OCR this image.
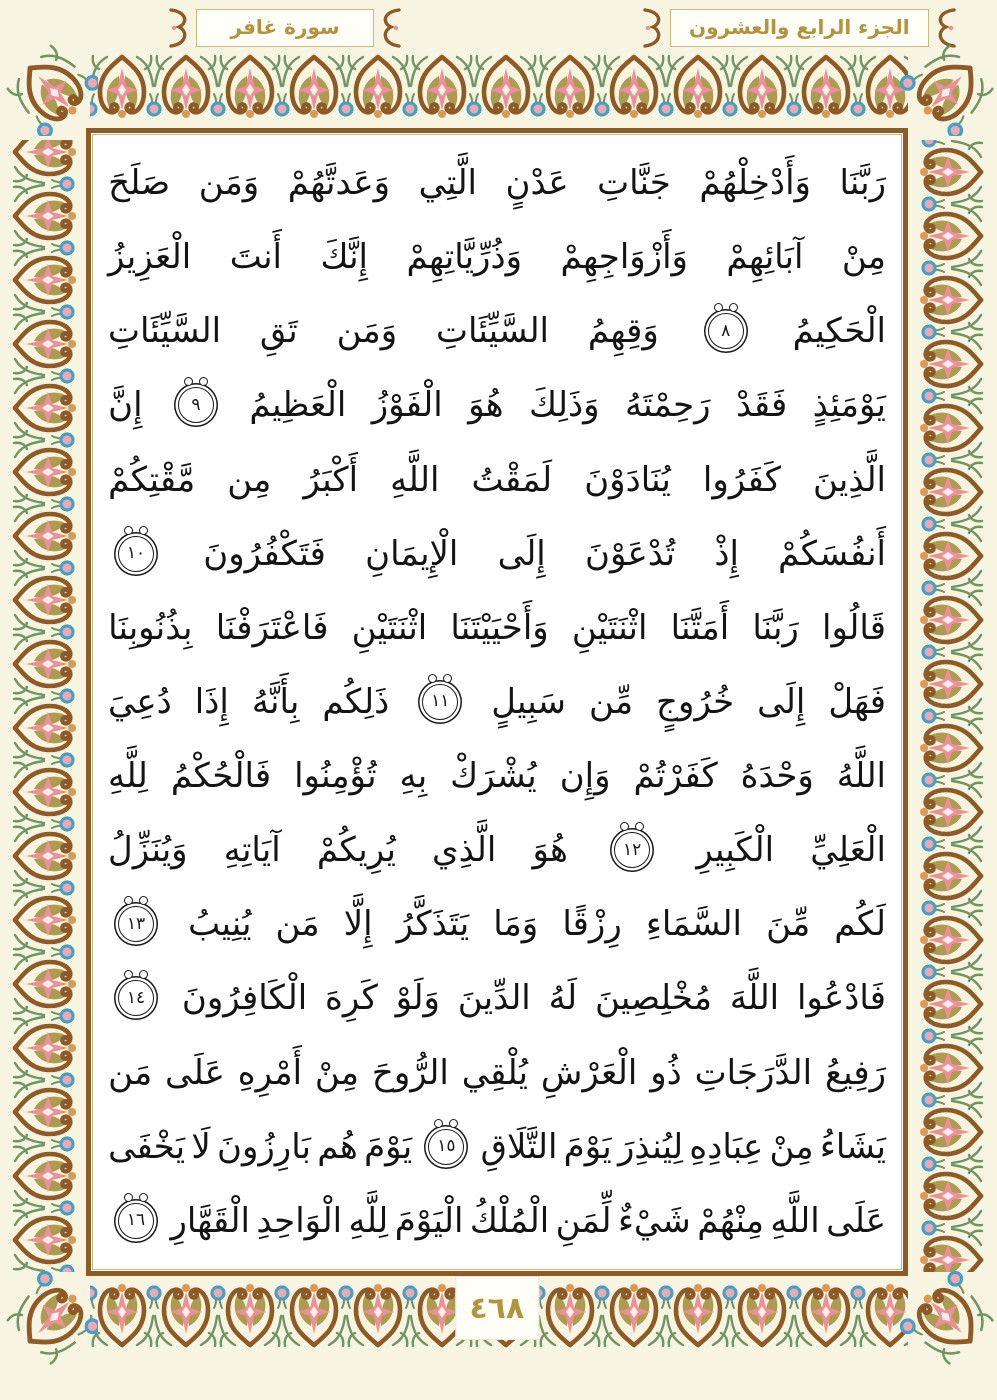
سورة غافر	الجزء الرابع والعشرون
رَبَّنَا
وَأَدْخِلْهُمْ
جَنَّاتِ
عَدْنٍ
الَّتِي
وَعَدتَّهُمْ
وَمَن
صَلَحَ
مِنْ
آبَائِهِمْ
وَأَزْوَاجِهِمْ
وَذُرِّيَّاتِهِمْ
إِنَّكَ
أَنتَ
الْعَزِيزُ
الْحَكِيمُ
٨
وَقِهِمُ
السَّيِّئَاتِ
وَمَن
تَقِ
السَّيِّئَاتِ
يَوْمَئِذٍ
فَقَدْ
رَحِمْتَهُ
وَذَلِكَ
هُوَ
الْفَوْزُ
الْعَظِيمُ
٩
إِنَّ
الَّذِينَ
كَفَرُوا
يُنَادَوْنَ
لَمَقْتُ
اللَّهِ
أَكْبَرُ
مِن
مَّقْتِكُمْ
أَنفُسَكُمْ
إِذْ
تُدْعَوْنَ
إِلَى
الْإِيمَانِ
فَتَكْفُرُونَ
١٠
قَالُوا
رَبَّنَا
أَمَتَّنَا
اثْنَتَيْنِ
وَأَحْيَيْتَنَا
اثْنَتَيْنِ
فَاعْتَرَفْنَا
بِذُنُوبِنَا
فَهَلْ
إِلَى
خُرُوجٍ
مِّن
سَبِيلٍ
١١
ذَلِكُم
بِأَنَّهُ
إِذَا
دُعِيَ
اللَّهُ
وَحْدَهُ
كَفَرْتُمْ
وَإِن
يُشْرَكْ
بِهِ
تُؤْمِنُوا
فَالْحُكْمُ
لِلَّهِ
الْعَلِيِّ
الْكَبِيرِ
١٢
هُوَ
الَّذِي
يُرِيكُمْ
آيَاتِهِ
وَيُنَزِّلُ
لَكُم
مِّنَ
السَّمَاءِ
رِزْقًا
وَمَا
يَتَذَكَّرُ
إِلَّا
مَن
يُنِيبُ
١٣
فَادْعُوا
اللَّهَ
مُخْلِصِينَ
لَهُ
الدِّينَ
وَلَوْ
كَرِهَ
الْكَافِرُونَ
١٤
رَفِيعُ
الدَّرَجَاتِ
ذُو
الْعَرْشِ
يُلْقِي
الرُّوحَ
مِنْ
أَمْرِهِ
عَلَى
مَن
يَشَاءُ
مِنْ
عِبَادِهِ
لِيُنذِرَ
يَوْمَ
التَّلَاقِ
١٥
يَوْمَ
هُم
بَارِزُونَ
لَا
يَخْفَى
عَلَى
اللَّهِ
مِنْهُمْ
شَيْءٌ
لِّمَنِ
الْمُلْكُ
الْيَوْمَ
لِلَّهِ
الْوَاحِدِ
الْقَهَّارِ
١٦
٤٦٨
